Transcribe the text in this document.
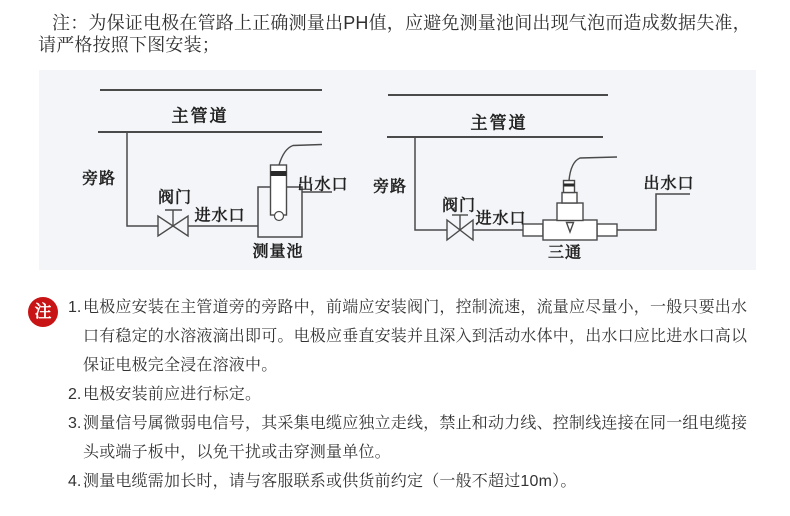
注：为保证电极在管路上正确测量出PH值，应避免测量池间出现气泡而造成数据失准，
请严格按照下图安装；
主管道
旁路
阀门
进水口
出水口
测量池
主管道
旁路
阀门
进水口
出水口
三通
注	1. 电极应安装在主管道旁的旁路中，前端应安装阀门，控制流速，流量应尽量小，一般只要出水
口有稳定的水溶液滴出即可。电极应垂直安装并且深入到活动水体中，出水口应比进水口高以
保证电极完全浸在溶液中。
2. 电极安装前应进行标定。
3. 测量信号属微弱电信号，其采集电缆应独立走线，禁止和动力线、控制线连接在同一组电缆接
头或端子板中，以免干扰或击穿测量单位。
4. 测量电缆需加长时，请与客服联系或供货前约定（一般不超过10m）。
